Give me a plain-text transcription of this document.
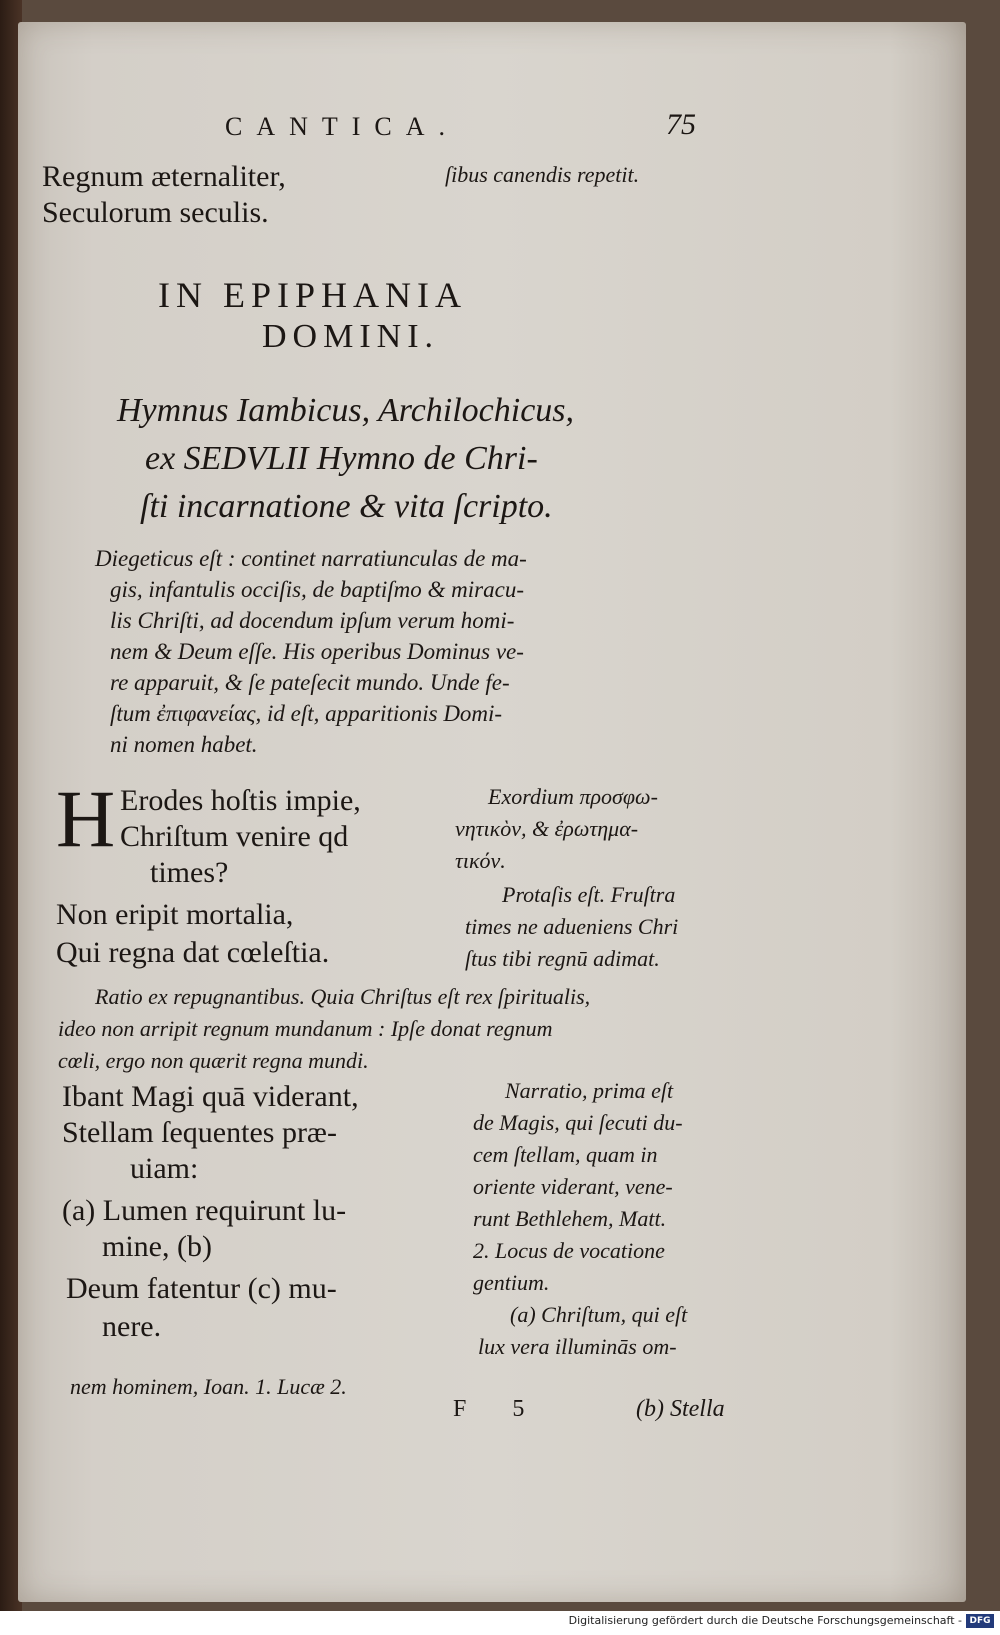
CANTICA.	75

Regnum æternaliter,

Seculorum seculis.

ſibus canendis repetit.

IN EPIPHANIA

DOMINI.

Hymnus Iambicus, Archilochicus,

ex SEDVLII Hymno de Chri-

ſti incarnatione & vita ſcripto.

Diegeticus eſt : continet narratiunculas de ma-

gis, infantulis occiſis, de baptiſmo & miracu-

lis Chriſti, ad docendum ipſum verum homi-

nem & Deum eſſe. His operibus Dominus ve-

re apparuit, & ſe pateſecit mundo. Unde fe-

ſtum ἐπιφανείας, id eſt, apparitionis Domi-

ni nomen habet.

H Erodes hoſtis impie,

Chriſtum venire qd

times?

Non eripit mortalia,

Qui regna dat cœleſtia.

Exordium προσφω-

νητικὸν, & ἐρωτημα-

τικόν.

Protaſis eſt. Fruſtra

times ne adueniens Chri

ſtus tibi regnū adimat.

Ratio ex repugnantibus. Quia Chriſtus eſt rex ſpiritualis,

ideo non arripit regnum mundanum : Ipſe donat regnum

cœli, ergo non quærit regna mundi.

Ibant Magi quā viderant,

Stellam ſequentes præ-

uiam:

(a) Lumen requirunt lu-

mine, (b)

Deum fatentur (c) mu-

nere.

Narratio, prima eſt

de Magis, qui ſecuti du-

cem ſtellam, quam in

oriente viderant, vene-

runt Bethlehem, Matt.

2. Locus de vocatione

gentium.

(a) Chriſtum, qui eſt

lux vera illuminās om-

nem hominem, Ioan. 1. Lucæ 2.

F 5	(b) Stella

Digitalisierung gefördert durch die Deutsche Forschungsgemeinschaft - DFG
